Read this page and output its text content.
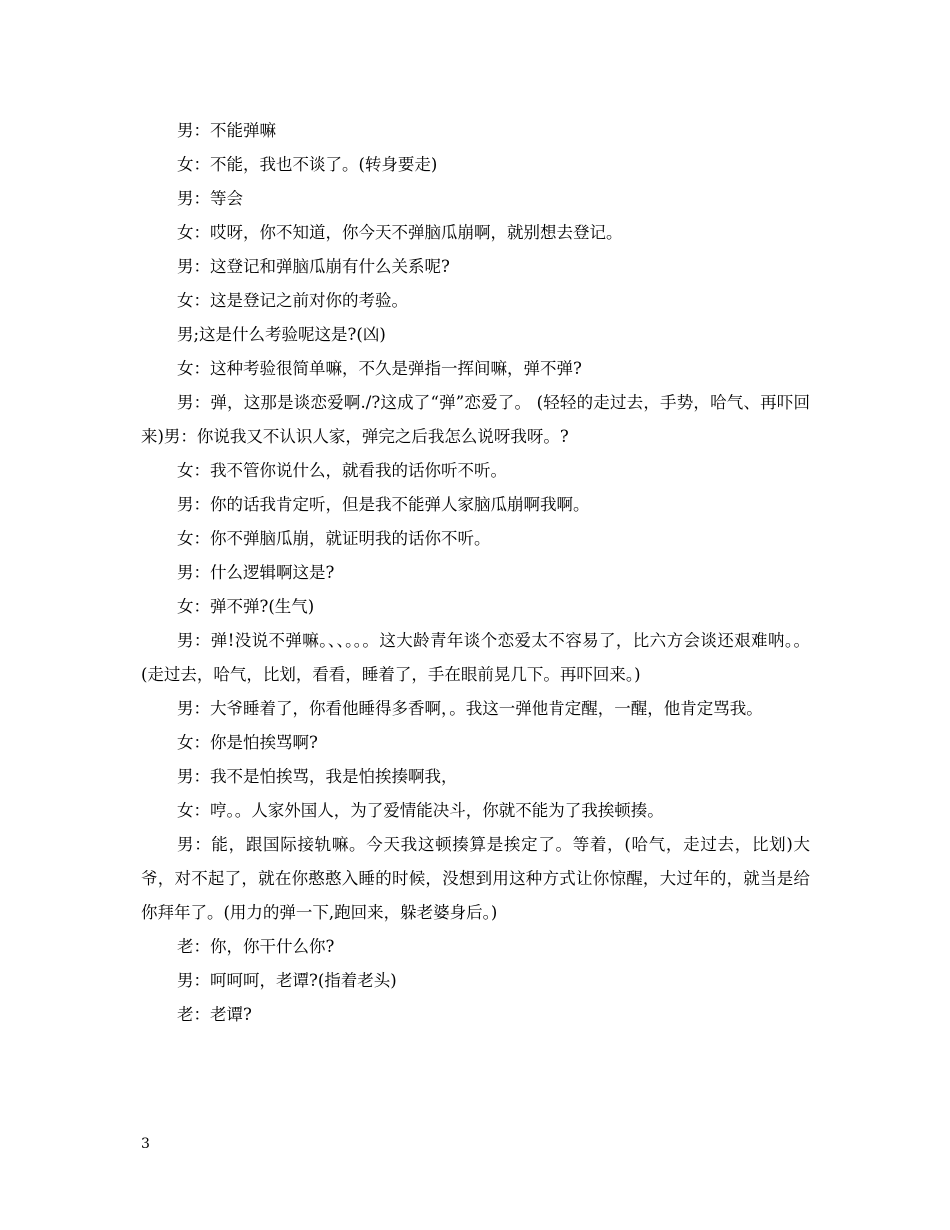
男：不能弹嘛

女：不能，我也不谈了。(转身要走)

男：等会

女：哎呀，你不知道，你今天不弹脑瓜崩啊，就别想去登记。

男：这登记和弹脑瓜崩有什么关系呢?

女：这是登记之前对你的考验。

男;这是什么考验呢这是?(凶)

女：这种考验很简单嘛，不久是弹指一挥间嘛，弹不弹?

男：弹，这那是谈恋爱啊./?这成了“弹”恋爱了。 (轻轻的走过去，手势，哈气、再吓回来)男：你说我又不认识人家，弹完之后我怎么说呀我呀。?

女：我不管你说什么，就看我的话你听不听。

男：你的话我肯定听，但是我不能弹人家脑瓜崩啊我啊。

女：你不弹脑瓜崩，就证明我的话你不听。

男：什么逻辑啊这是?

女：弹不弹?(生气)

男：弹!没说不弹嘛。、、。。。这大龄青年谈个恋爱太不容易了，比六方会谈还艰难呐。。(走过去，哈气，比划，看看，睡着了，手在眼前晃几下。再吓回来。)

男：大爷睡着了，你看他睡得多香啊，。我这一弹他肯定醒，一醒，他肯定骂我。

女：你是怕挨骂啊?

男：我不是怕挨骂，我是怕挨揍啊我，

女：哼。。人家外国人，为了爱情能决斗，你就不能为了我挨顿揍。

男：能，跟国际接轨嘛。今天我这顿揍算是挨定了。等着，(哈气，走过去，比划)大爷，对不起了，就在你憨憨入睡的时候，没想到用这种方式让你惊醒，大过年的，就当是给你拜年了。(用力的弹一下,跑回来，躲老婆身后。)

老：你，你干什么你?

男：呵呵呵，老谭?(指着老头)

老：老谭?

3
